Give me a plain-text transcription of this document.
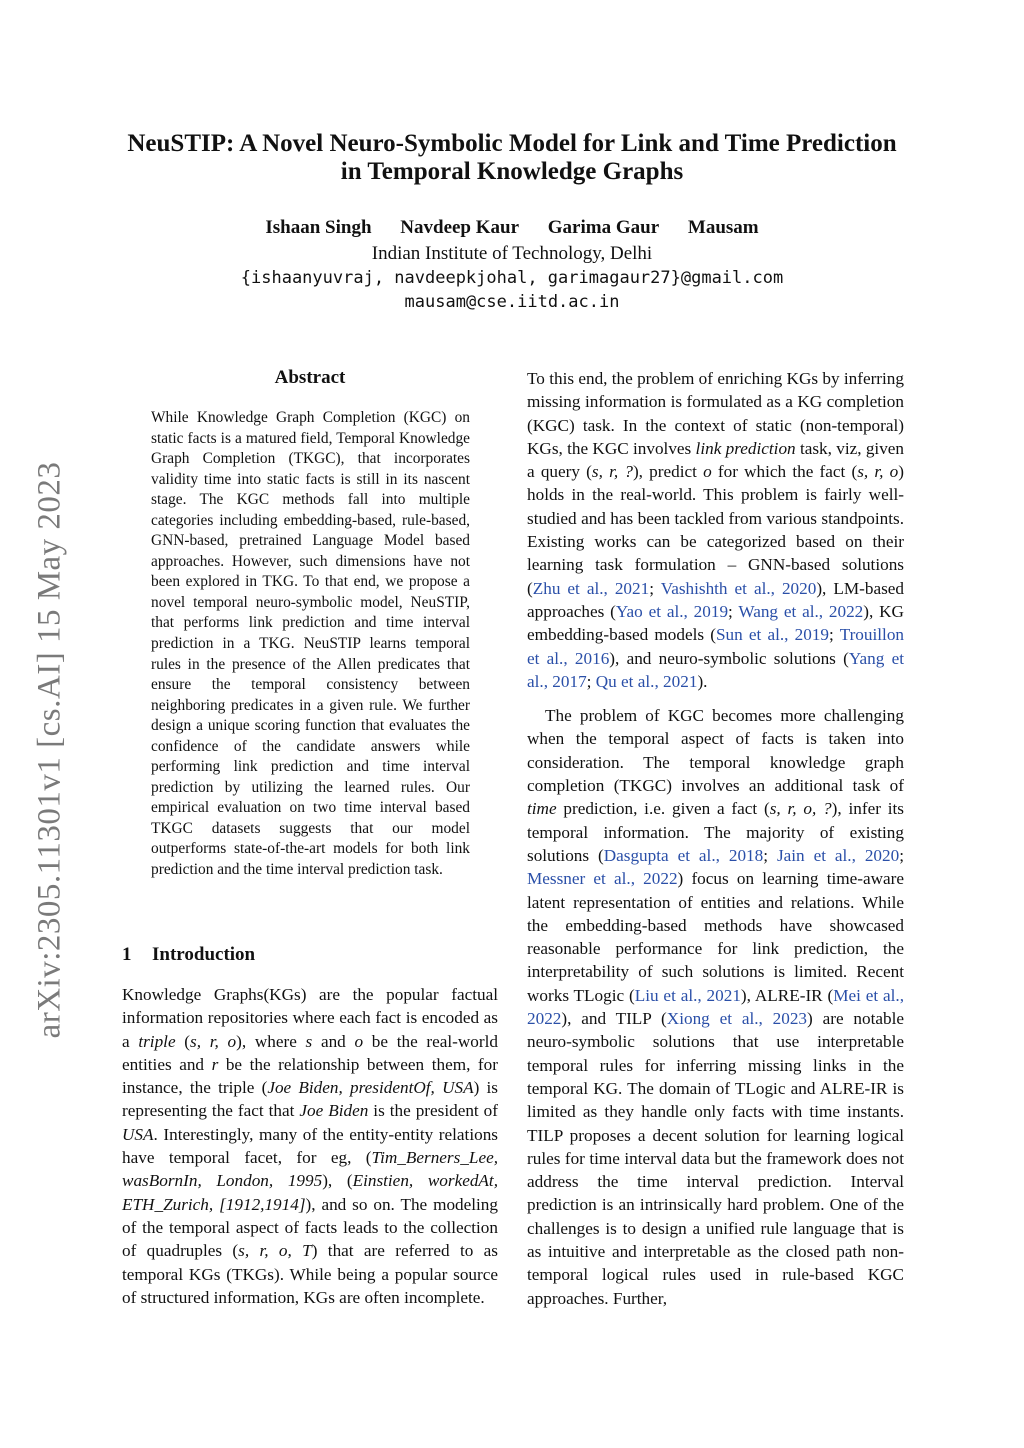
arXiv:2305.11301v1 [cs.AI] 15 May 2023
NeuSTIP: A Novel Neuro-Symbolic Model for Link and Time Prediction
in Temporal Knowledge Graphs
Ishaan Singh Navdeep Kaur Garima Gaur Mausam
Indian Institute of Technology, Delhi
{ishaanyuvraj, navdeepkjohal, garimagaur27}@gmail.com
mausam@cse.iitd.ac.in
Abstract
While Knowledge Graph Completion (KGC) on static facts is a matured field, Temporal Knowledge Graph Completion (TKGC), that incorporates validity time into static facts is still in its nascent stage. The KGC methods fall into multiple categories including embedding-based, rule-based, GNN-based, pretrained Language Model based approaches. However, such dimensions have not been explored in TKG. To that end, we propose a novel temporal neuro-symbolic model, NeuSTIP, that performs link prediction and time interval prediction in a TKG. NeuSTIP learns temporal rules in the presence of the Allen predicates that ensure the temporal consistency between neighboring predicates in a given rule. We further design a unique scoring function that evaluates the confidence of the candidate answers while performing link prediction and time interval prediction by utilizing the learned rules. Our empirical evaluation on two time interval based TKGC datasets suggests that our model outperforms state-of-the-art models for both link prediction and the time interval prediction task.
1 Introduction
Knowledge Graphs(KGs) are the popular factual information repositories where each fact is encoded as a triple (s, r, o), where s and o be the real-world entities and r be the relationship between them, for instance, the triple (Joe Biden, presidentOf, USA) is representing the fact that Joe Biden is the president of USA. Interestingly, many of the entity-entity relations have temporal facet, for eg, (Tim_Berners_Lee, wasBornIn, London, 1995), (Einstien, workedAt, ETH_Zurich, [1912,1914]), and so on. The modeling of the temporal aspect of facts leads to the collection of quadruples (s, r, o, T) that are referred to as temporal KGs (TKGs). While being a popular source of structured information, KGs are often incomplete.

To this end, the problem of enriching KGs by inferring missing information is formulated as a KG completion (KGC) task. In the context of static (non-temporal) KGs, the KGC involves link prediction task, viz, given a query (s, r, ?), predict o for which the fact (s, r, o) holds in the real-world. This problem is fairly well-studied and has been tackled from various standpoints. Existing works can be categorized based on their learning task formulation – GNN-based solutions (Zhu et al., 2021; Vashishth et al., 2020), LM-based approaches (Yao et al., 2019; Wang et al., 2022), KG embedding-based models (Sun et al., 2019; Trouillon et al., 2016), and neuro-symbolic solutions (Yang et al., 2017; Qu et al., 2021).

The problem of KGC becomes more challenging when the temporal aspect of facts is taken into consideration. The temporal knowledge graph completion (TKGC) involves an additional task of time prediction, i.e. given a fact (s, r, o, ?), infer its temporal information. The majority of existing solutions (Dasgupta et al., 2018; Jain et al., 2020; Messner et al., 2022) focus on learning time-aware latent representation of entities and relations. While the embedding-based methods have showcased reasonable performance for link prediction, the interpretability of such solutions is limited. Recent works TLogic (Liu et al., 2021), ALRE-IR (Mei et al., 2022), and TILP (Xiong et al., 2023) are notable neuro-symbolic solutions that use interpretable temporal rules for inferring missing links in the temporal KG. The domain of TLogic and ALRE-IR is limited as they handle only facts with time instants. TILP proposes a decent solution for learning logical rules for time interval data but the framework does not address the time interval prediction. Interval prediction is an intrinsically hard problem. One of the challenges is to design a unified rule language that is as intuitive and interpretable as the closed path non-temporal logical rules used in rule-based KGC approaches. Further,
